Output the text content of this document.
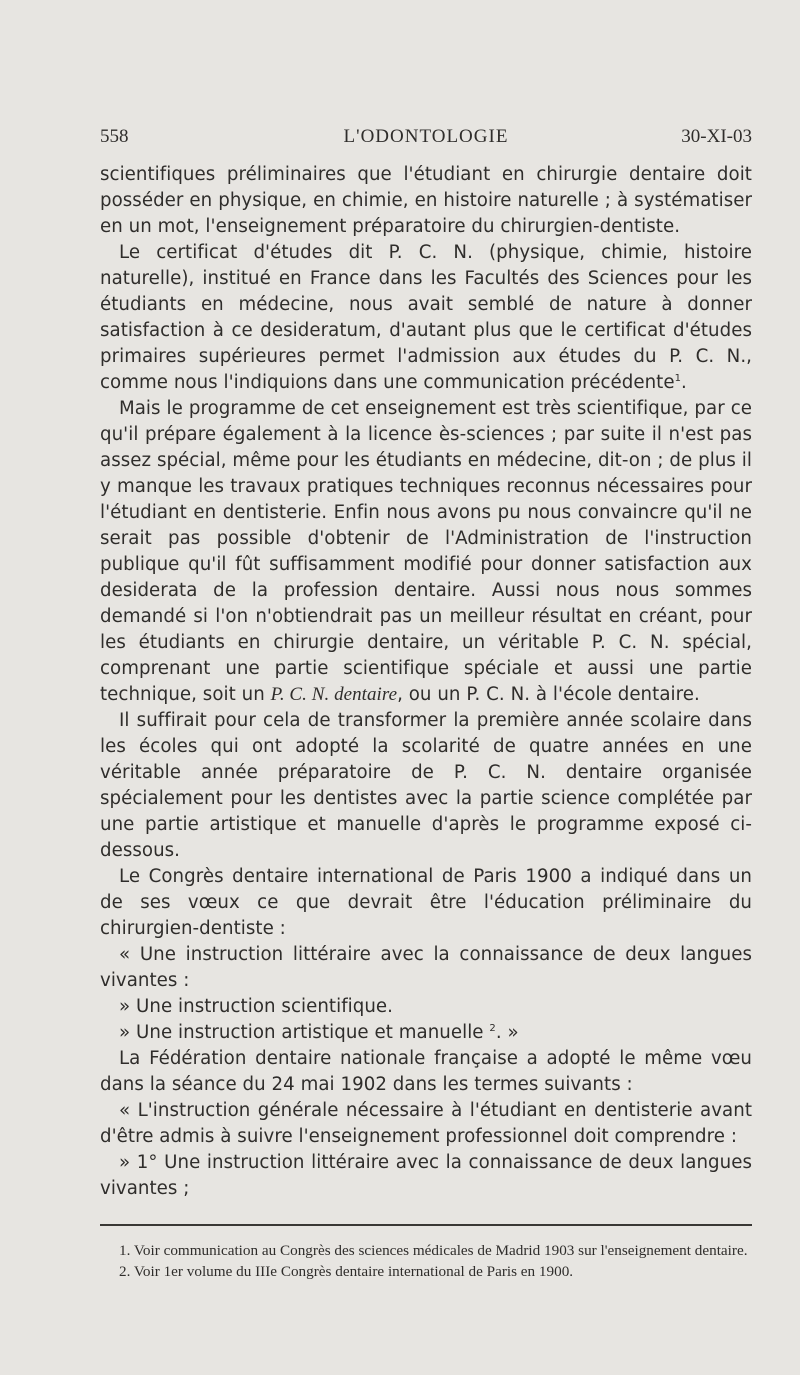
558	L'ODONTOLOGIE	30-XI-03

scientifiques préliminaires que l'étudiant en chirurgie dentaire doit posséder en physique, en chimie, en histoire naturelle ; à systématiser en un mot, l'enseignement préparatoire du chirurgien-dentiste.

Le certificat d'études dit P. C. N. (physique, chimie, histoire naturelle), institué en France dans les Facultés des Sciences pour les étudiants en médecine, nous avait semblé de nature à donner satisfaction à ce desideratum, d'autant plus que le certificat d'études primaires supérieures permet l'admission aux études du P. C. N., comme nous l'indiquions dans une communication précédente$^1$.

Mais le programme de cet enseignement est très scientifique, par ce qu'il prépare également à la licence ès-sciences ; par suite il n'est pas assez spécial, même pour les étudiants en médecine, dit-on ; de plus il y manque les travaux pratiques techniques reconnus nécessaires pour l'étudiant en dentisterie. Enfin nous avons pu nous convaincre qu'il ne serait pas possible d'obtenir de l'Administration de l'instruction publique qu'il fût suffisamment modifié pour donner satisfaction aux desiderata de la profession dentaire. Aussi nous nous sommes demandé si l'on n'obtiendrait pas un meilleur résultat en créant, pour les étudiants en chirurgie dentaire, un véritable P. C. N. spécial, comprenant une partie scientifique spéciale et aussi une partie technique, soit un P. C. N. dentaire, ou un P. C. N. à l'école dentaire.

Il suffirait pour cela de transformer la première année scolaire dans les écoles qui ont adopté la scolarité de quatre années en une véritable année préparatoire de P. C. N. dentaire organisée spécialement pour les dentistes avec la partie science complétée par une partie artistique et manuelle d'après le programme exposé ci-dessous.

Le Congrès dentaire international de Paris 1900 a indiqué dans un de ses vœux ce que devrait être l'éducation préliminaire du chirurgien-dentiste :

« Une instruction littéraire avec la connaissance de deux langues vivantes :

» Une instruction scientifique.

» Une instruction artistique et manuelle $^2$. »

La Fédération dentaire nationale française a adopté le même vœu dans la séance du 24 mai 1902 dans les termes suivants :

« L'instruction générale nécessaire à l'étudiant en dentisterie avant d'être admis à suivre l'enseignement professionnel doit comprendre :

» 1° Une instruction littéraire avec la connaissance de deux langues vivantes ;

1. Voir communication au Congrès des sciences médicales de Madrid 1903 sur l'enseignement dentaire.

2. Voir 1er volume du IIIe Congrès dentaire international de Paris en 1900.
